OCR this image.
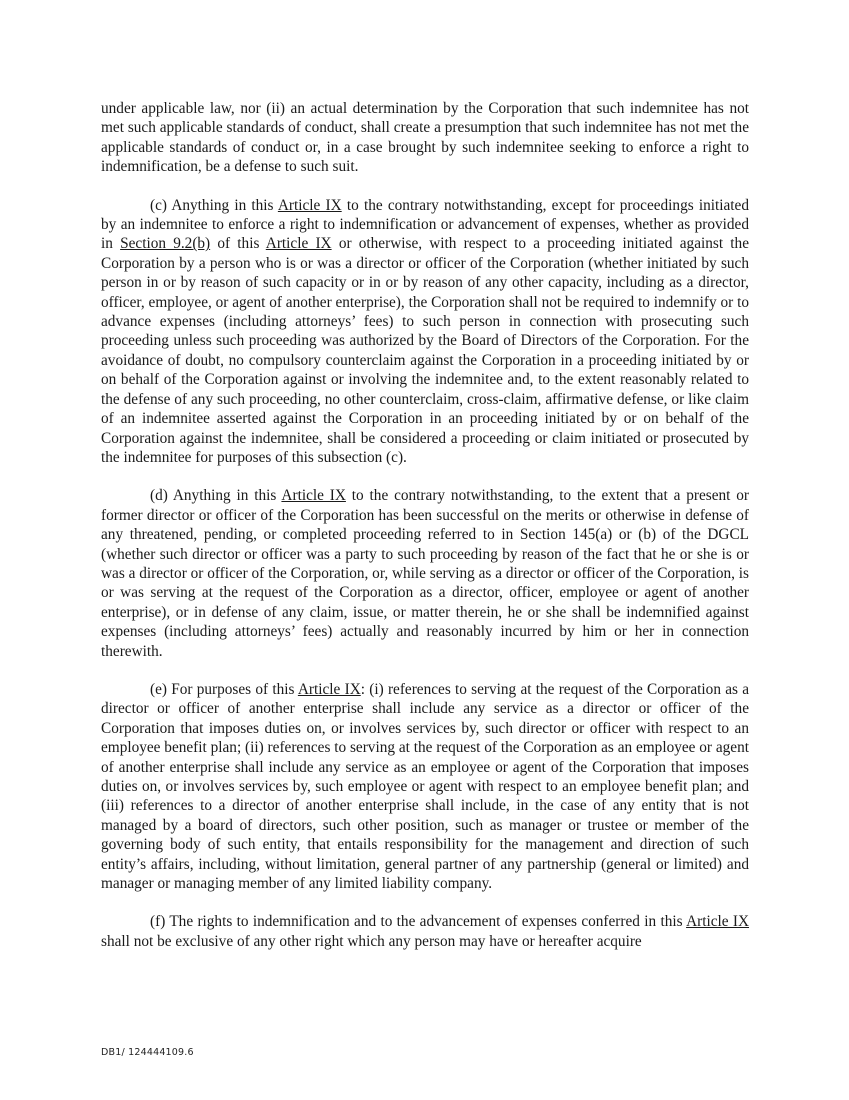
under applicable law, nor (ii) an actual determination by the Corporation that such indemnitee has not met such applicable standards of conduct, shall create a presumption that such indemnitee has not met the applicable standards of conduct or, in a case brought by such indemnitee seeking to enforce a right to indemnification, be a defense to such suit.

(c) Anything in this Article IX to the contrary notwithstanding, except for proceedings initiated by an indemnitee to enforce a right to indemnification or advancement of expenses, whether as provided in Section 9.2(b) of this Article IX or otherwise, with respect to a proceeding initiated against the Corporation by a person who is or was a director or officer of the Corporation (whether initiated by such person in or by reason of such capacity or in or by reason of any other capacity, including as a director, officer, employee, or agent of another enterprise), the Corporation shall not be required to indemnify or to advance expenses (including attorneys’ fees) to such person in connection with prosecuting such proceeding unless such proceeding was authorized by the Board of Directors of the Corporation. For the avoidance of doubt, no compulsory counterclaim against the Corporation in a proceeding initiated by or on behalf of the Corporation against or involving the indemnitee and, to the extent reasonably related to the defense of any such proceeding, no other counterclaim, cross-claim, affirmative defense, or like claim of an indemnitee asserted against the Corporation in an proceeding initiated by or on behalf of the Corporation against the indemnitee, shall be considered a proceeding or claim initiated or prosecuted by the indemnitee for purposes of this subsection (c).

(d) Anything in this Article IX to the contrary notwithstanding, to the extent that a present or former director or officer of the Corporation has been successful on the merits or otherwise in defense of any threatened, pending, or completed proceeding referred to in Section 145(a) or (b) of the DGCL (whether such director or officer was a party to such proceeding by reason of the fact that he or she is or was a director or officer of the Corporation, or, while serving as a director or officer of the Corporation, is or was serving at the request of the Corporation as a director, officer, employee or agent of another enterprise), or in defense of any claim, issue, or matter therein, he or she shall be indemnified against expenses (including attorneys’ fees) actually and reasonably incurred by him or her in connection therewith.

(e) For purposes of this Article IX: (i) references to serving at the request of the Corporation as a director or officer of another enterprise shall include any service as a director or officer of the Corporation that imposes duties on, or involves services by, such director or officer with respect to an employee benefit plan; (ii) references to serving at the request of the Corporation as an employee or agent of another enterprise shall include any service as an employee or agent of the Corporation that imposes duties on, or involves services by, such employee or agent with respect to an employee benefit plan; and (iii) references to a director of another enterprise shall include, in the case of any entity that is not managed by a board of directors, such other position, such as manager or trustee or member of the governing body of such entity, that entails responsibility for the management and direction of such entity’s affairs, including, without limitation, general partner of any partnership (general or limited) and manager or managing member of any limited liability company.

(f) The rights to indemnification and to the advancement of expenses conferred in this Article IX shall not be exclusive of any other right which any person may have or hereafter acquire

DB1/ 124444109.6
